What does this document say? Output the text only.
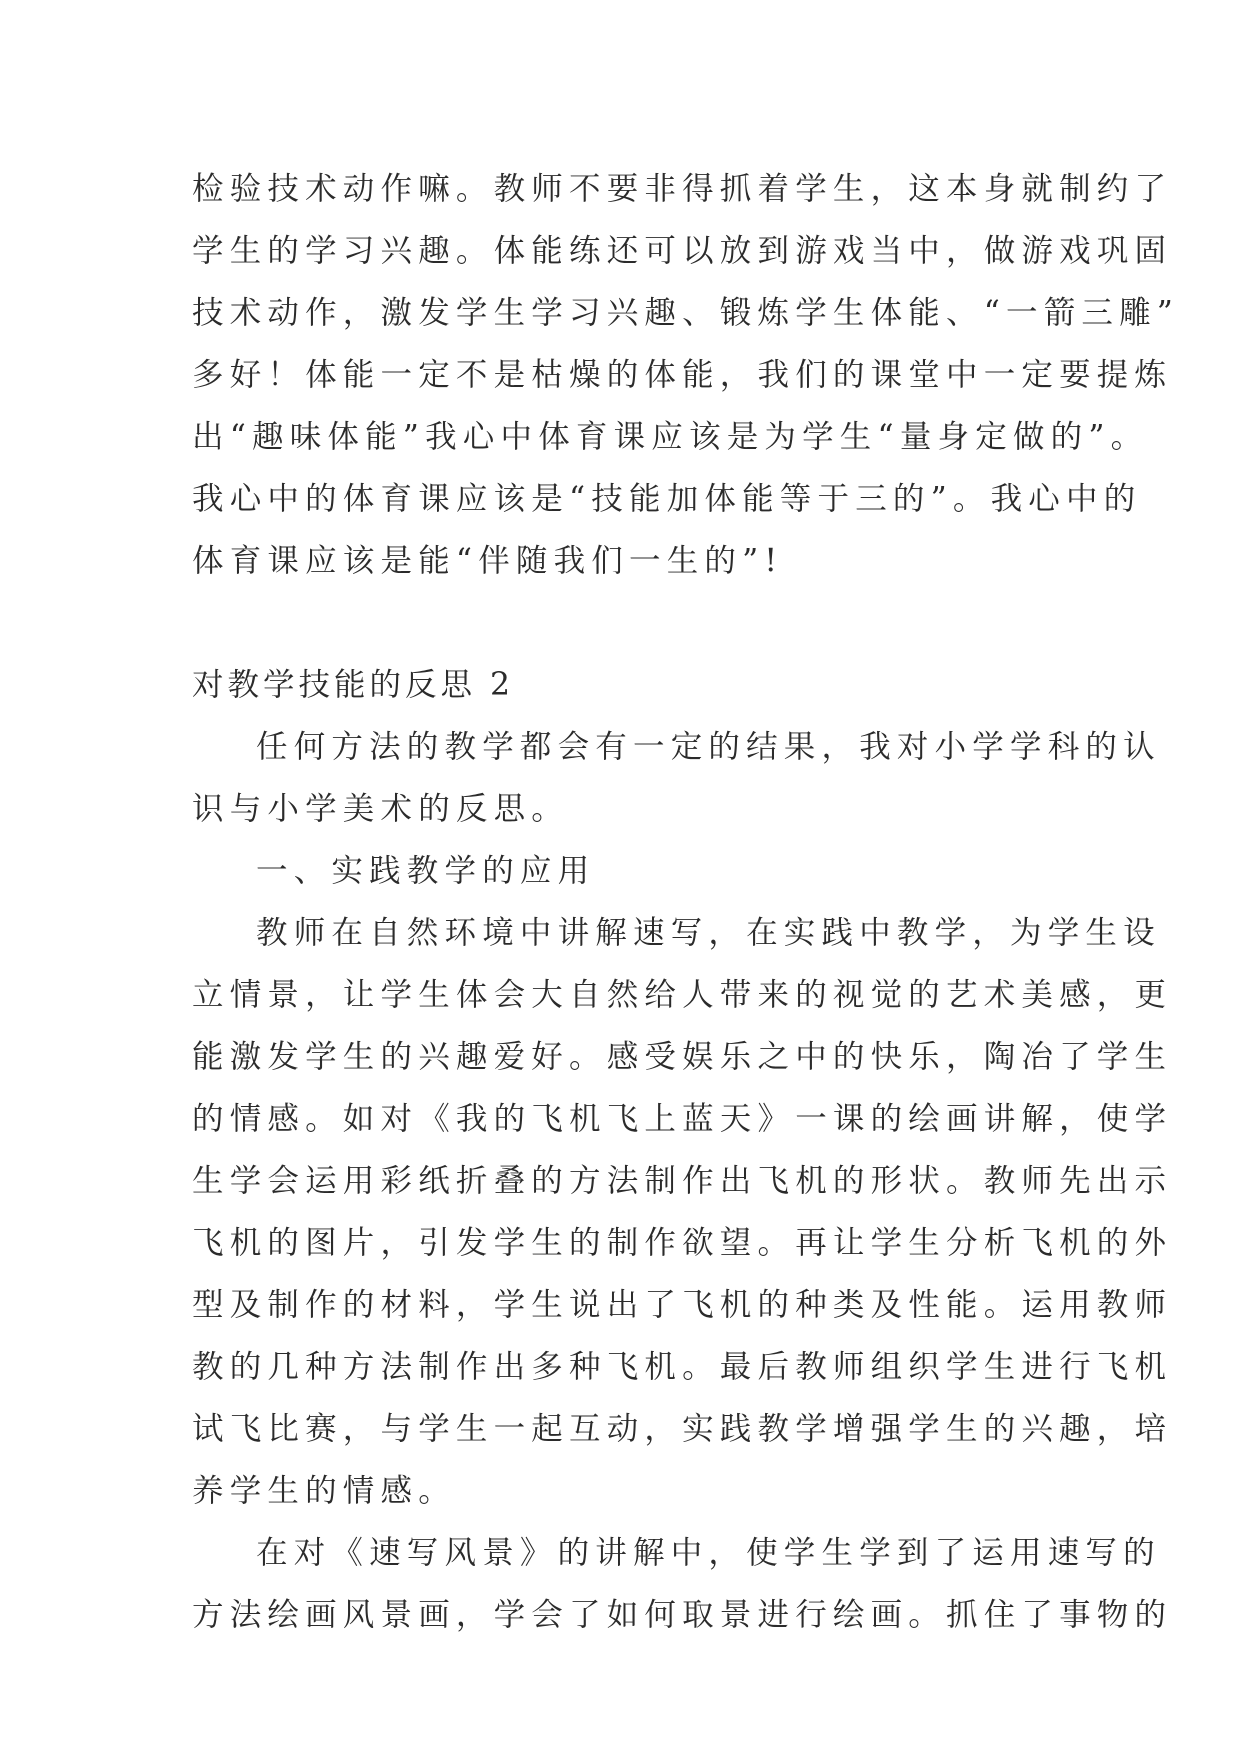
检验技术动作嘛。教师不要非得抓着学生，这本身就制约了
学生的学习兴趣。体能练还可以放到游戏当中，做游戏巩固
技术动作，激发学生学习兴趣、锻炼学生体能、“一箭三雕”
多好！体能一定不是枯燥的体能，我们的课堂中一定要提炼
出“趣味体能”我心中体育课应该是为学生“量身定做的”。
我心中的体育课应该是“技能加体能等于三的”。我心中的
体育课应该是能“伴随我们一生的”!
对教学技能的反思 2
任何方法的教学都会有一定的结果，我对小学学科的认
识与小学美术的反思。
一、实践教学的应用
教师在自然环境中讲解速写，在实践中教学，为学生设
立情景，让学生体会大自然给人带来的视觉的艺术美感，更
能激发学生的兴趣爱好。感受娱乐之中的快乐，陶冶了学生
的情感。如对《我的飞机飞上蓝天》一课的绘画讲解，使学
生学会运用彩纸折叠的方法制作出飞机的形状。教师先出示
飞机的图片，引发学生的制作欲望。再让学生分析飞机的外
型及制作的材料，学生说出了飞机的种类及性能。运用教师
教的几种方法制作出多种飞机。最后教师组织学生进行飞机
试飞比赛，与学生一起互动，实践教学增强学生的兴趣，培
养学生的情感。
在对《速写风景》的讲解中，使学生学到了运用速写的
方法绘画风景画，学会了如何取景进行绘画。抓住了事物的
